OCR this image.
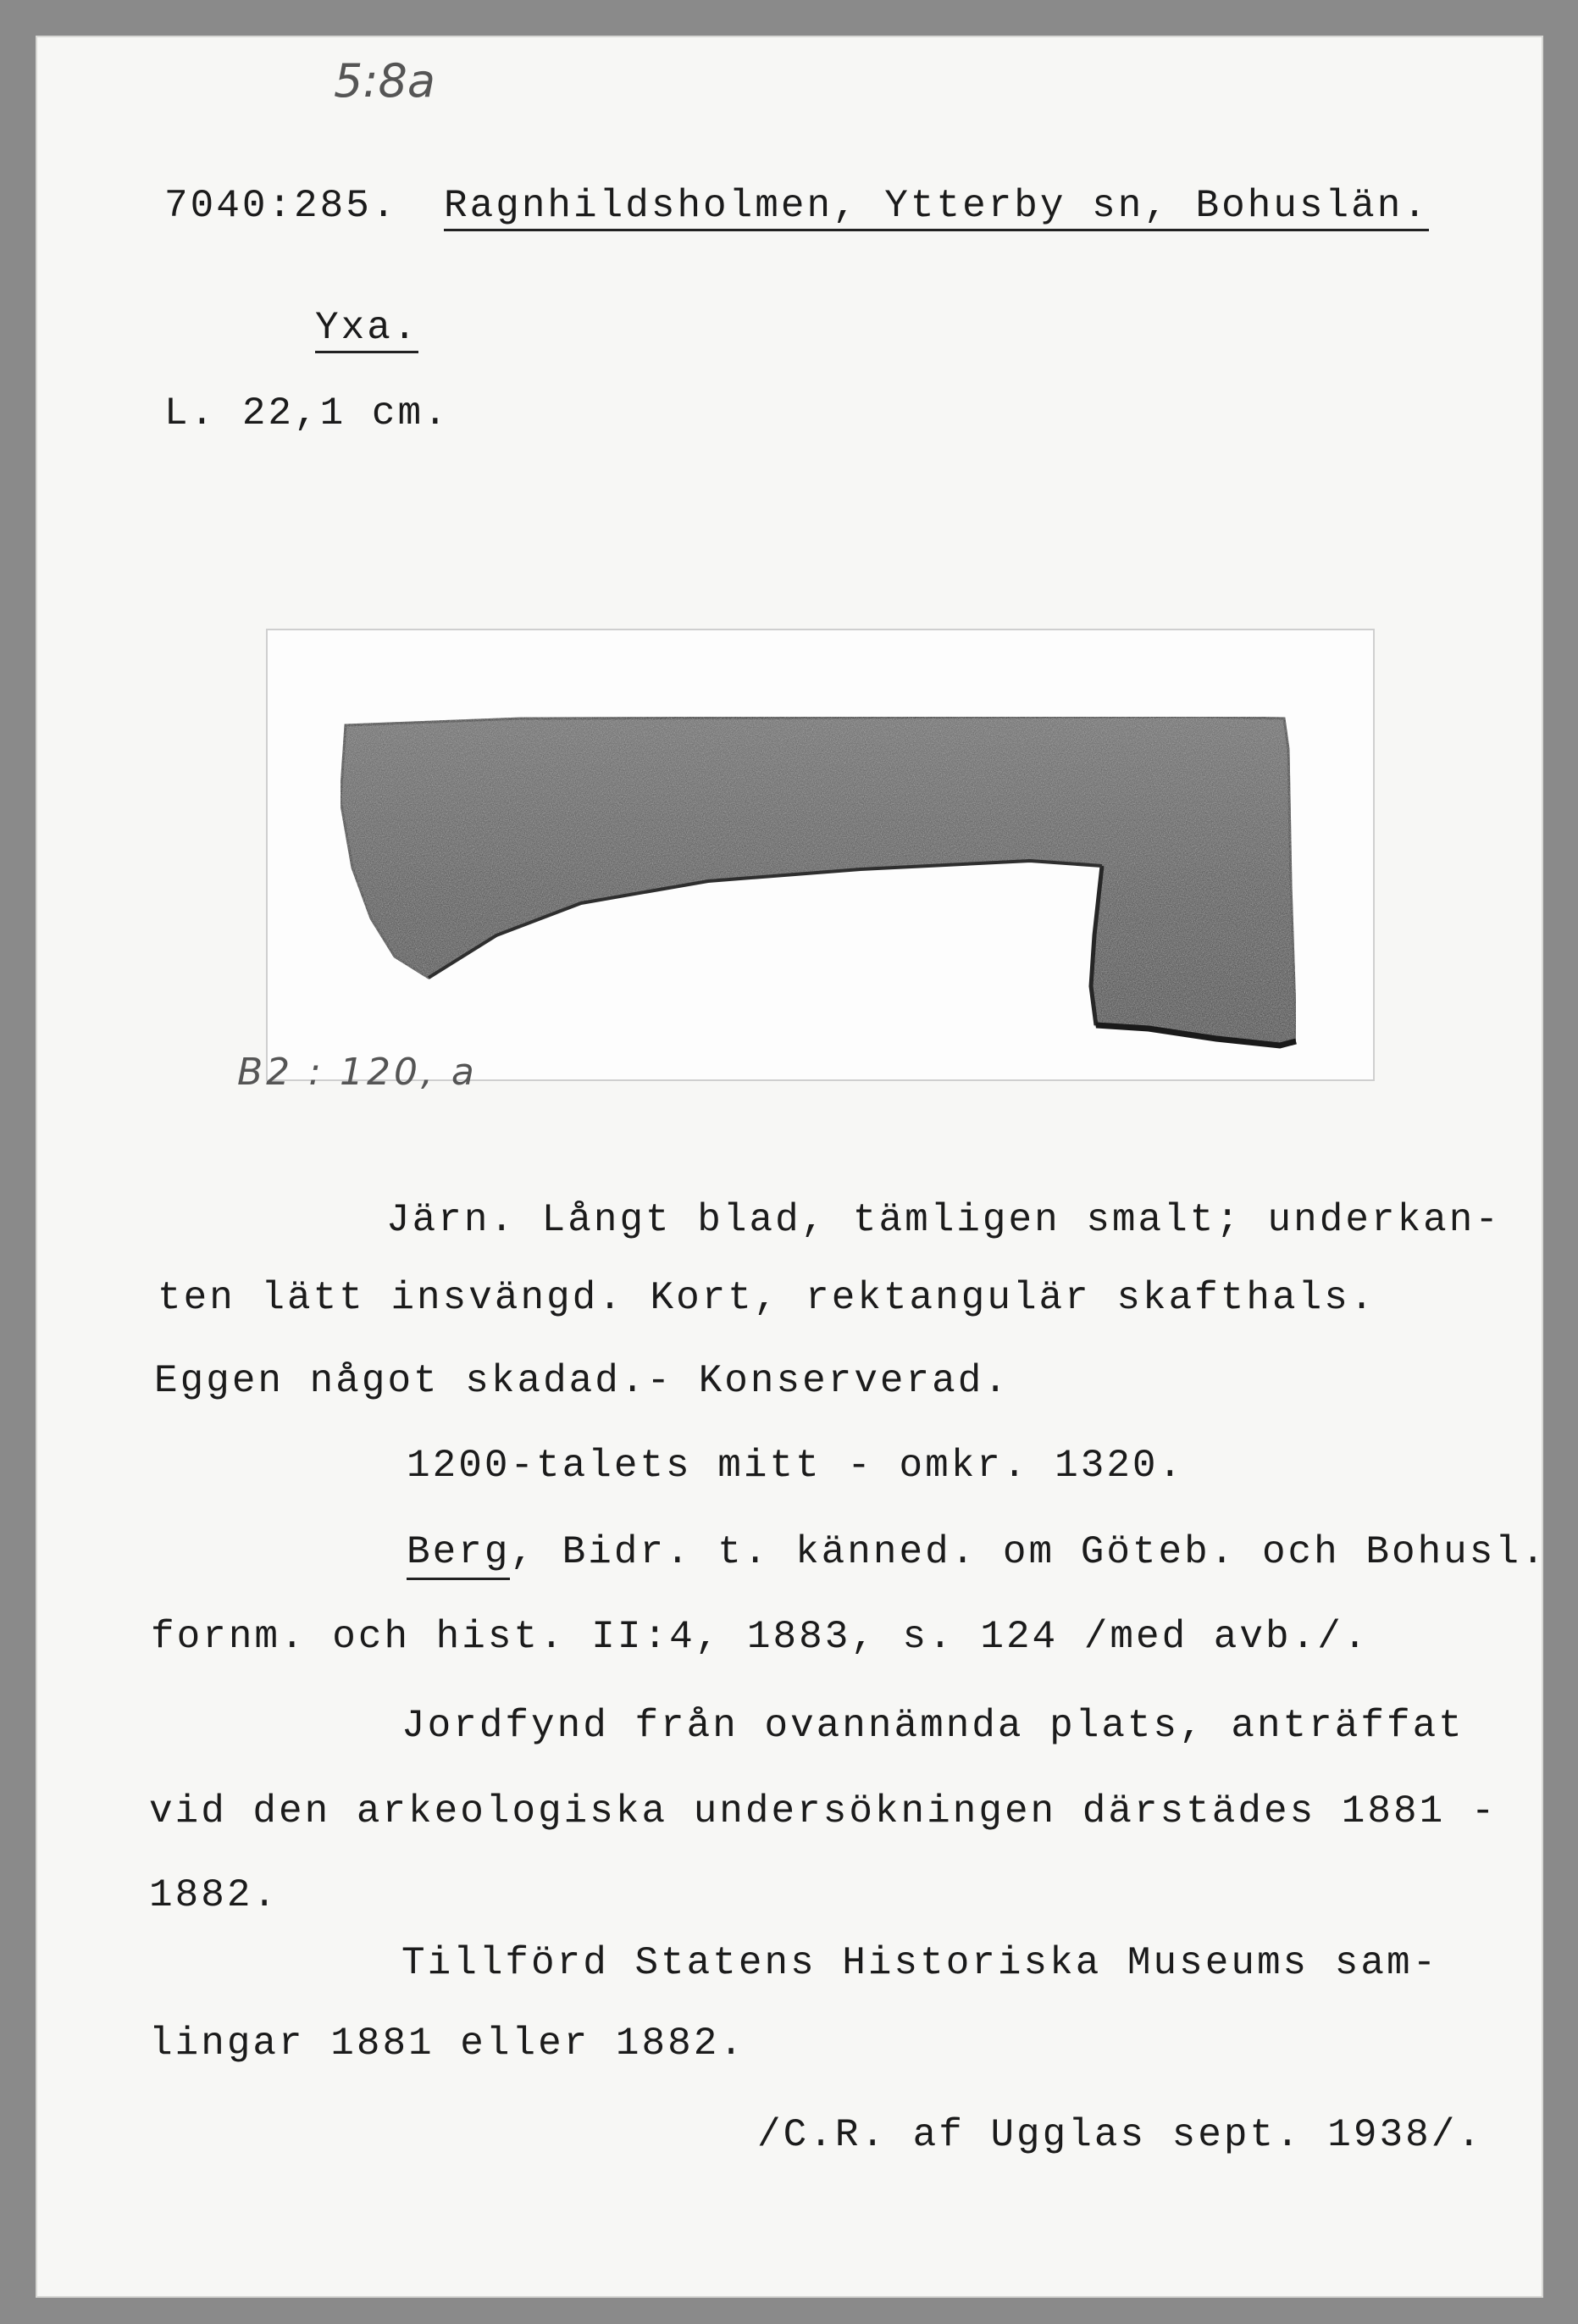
5:8a
7040:285. Ragnhildsholmen, Ytterby sn, Bohuslän.
Yxa.
L. 22,1 cm.
B2 : 120, a
Järn. Långt blad, tämligen smalt; underkan-
ten lätt insvängd. Kort, rektangulär skafthals.
Eggen något skadad.- Konserverad.
1200-talets mitt - omkr. 1320.
Berg, Bidr. t. känned. om Göteb. och Bohusl.
fornm. och hist. II:4, 1883, s. 124 /med avb./.
Jordfynd från ovannämnda plats, anträffat
vid den arkeologiska undersökningen därstädes 1881 -
1882.
Tillförd Statens Historiska Museums sam-
lingar 1881 eller 1882.
/C.R. af Ugglas sept. 1938/.
